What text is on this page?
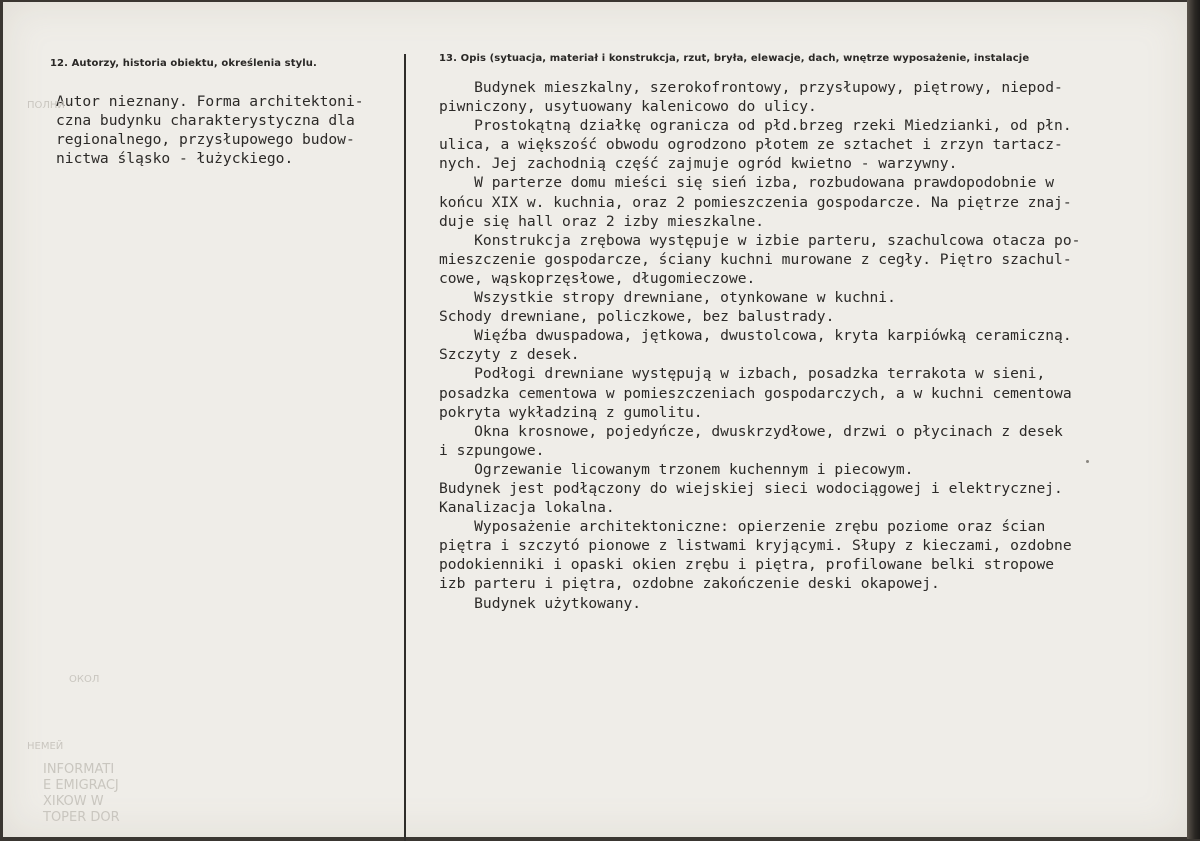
12. Autorzy, historia obiektu, określenia stylu.	13. Opis (sytuacja, materiał i konstrukcja, rzut, bryła, elewacje, dach, wnętrze wyposażenie, instalacje
Autor nieznany. Forma architektoni-
czna budynku charakterystyczna dla
regionalnego, przysłupowego budow-
nictwa śląsko - łużyckiego.
Budynek mieszkalny, szerokofrontowy, przysłupowy, piętrowy, niepod-
piwniczony, usytuowany kalenicowo do ulicy.
Prostokątną działkę ogranicza od płd.brzeg rzeki Miedzianki, od płn.
ulica, a większość obwodu ogrodzono płotem ze sztachet i zrzyn tartacz-
nych. Jej zachodnią część zajmuje ogród kwietno - warzywny.
W parterze domu mieści się sień izba, rozbudowana prawdopodobnie w
końcu XIX w. kuchnia, oraz 2 pomieszczenia gospodarcze. Na piętrze znaj-
duje się hall oraz 2 izby mieszkalne.
Konstrukcja zrębowa występuje w izbie parteru, szachulcowa otacza po-
mieszczenie gospodarcze, ściany kuchni murowane z cegły. Piętro szachul-
cowe, wąskoprzęsłowe, długomieczowe.
Wszystkie stropy drewniane, otynkowane w kuchni.
Schody drewniane, policzkowe, bez balustrady.
Więźba dwuspadowa, jętkowa, dwustolcowa, kryta karpiówką ceramiczną.
Szczyty z desek.
Podłogi drewniane występują w izbach, posadzka terrakota w sieni,
posadzka cementowa w pomieszczeniach gospodarczych, a w kuchni cementowa
pokryta wykładziną z gumolitu.
Okna krosnowe, pojedyńcze, dwuskrzydłowe, drzwi o płycinach z desek
i szpungowe.
Ogrzewanie licowanym trzonem kuchennym i piecowym.
Budynek jest podłączony do wiejskiej sieci wodociągowej i elektrycznej.
Kanalizacja lokalna.
Wyposażenie architektoniczne: opierzenie zrębu poziome oraz ścian
piętra i szczytó pionowe z listwami kryjącymi. Słupy z kieczami, ozdobne
podokienniki i opaski okien zrębu i piętra, profilowane belki stropowe
izb parteru i piętra, ozdobne zakończenie deski okapowej.
Budynek użytkowany.
ПОЛНИ
ОКОЛ
НЕМЕЙ
INFORMATI
E EMIGRACJ
XIKOW W
TOPER DOR
